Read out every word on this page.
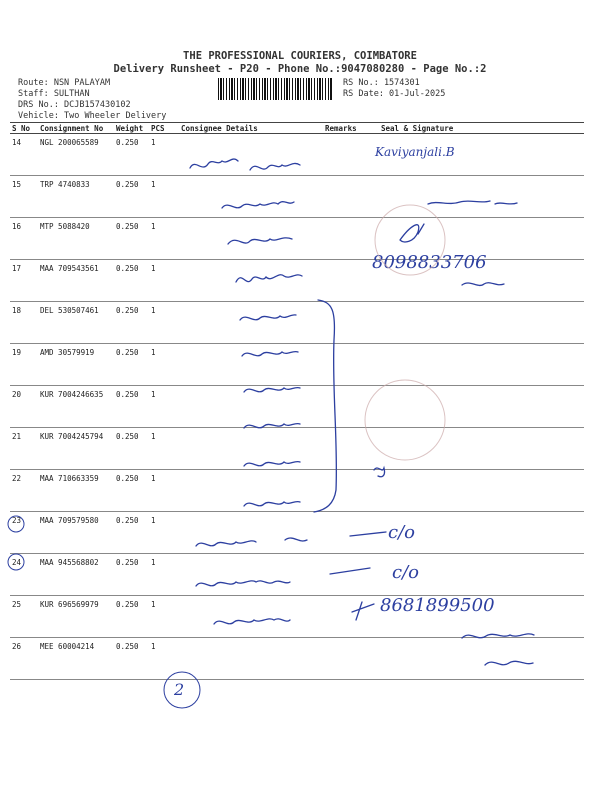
THE PROFESSIONAL COURIERS, COIMBATORE
Delivery Runsheet - P20 - Phone No.:9047080280 - Page No.:2
Route: NSN PALAYAM
Staff: SULTHAN
DRS No.: DCJB157430102
Vehicle: Two Wheeler Delivery
RS No.: 1574301
RS Date: 01-Jul-2025
S No	Consignment No	Weight	PCS	Consignee Details	Remarks	Seal & Signature
14	NGL 200065589	0.250	1			
15	TRP 4740833	0.250	1			
16	MTP 5088420	0.250	1			
17	MAA 709543561	0.250	1			
18	DEL 530507461	0.250	1			
19	AMD 30579919	0.250	1			
20	KUR 7004246635	0.250	1			
21	KUR 7004245794	0.250	1			
22	MAA 710663359	0.250	1			
23	MAA 709579580	0.250	1			
24	MAA 945568802	0.250	1			
25	KUR 696569979	0.250	1			
26	MEE 60004214	0.250	1			
Kaviyanjali.B
8098833706
8681899500
c/o
c/o
2
